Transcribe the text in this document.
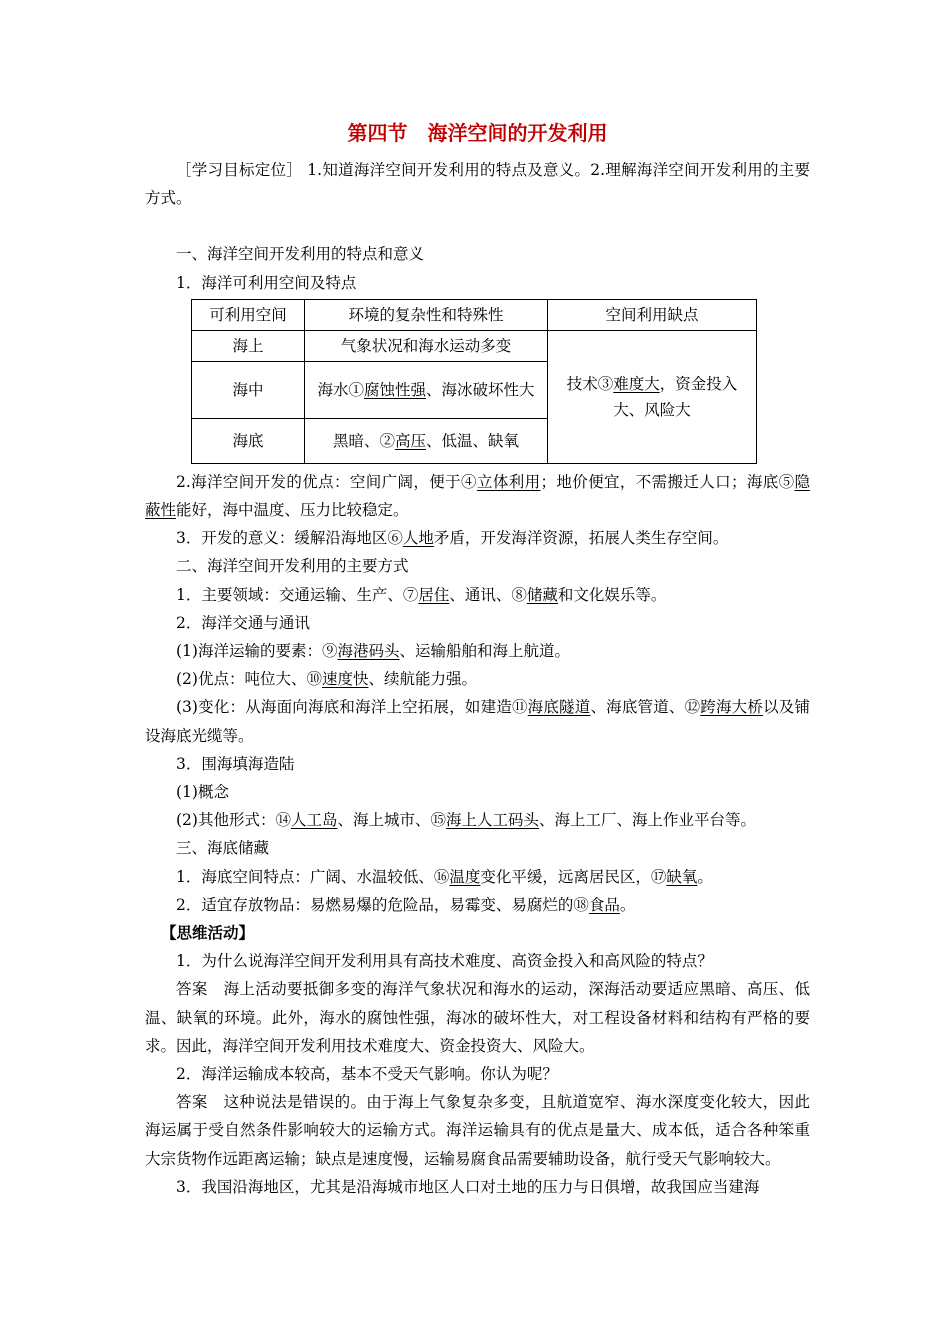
第四节　海洋空间的开发利用

［学习目标定位］ 1.知道海洋空间开发利用的特点及意义。2.理解海洋空间开发利用的主要方式。

一、海洋空间开发利用的特点和意义

1．海洋可利用空间及特点

可利用空间	环境的复杂性和特殊性	空间利用缺点
海上	气象状况和海水运动多变	技术③难度大，资金投入大、风险大
海中	海水①腐蚀性强、海冰破坏性大	
海底	黑暗、②高压、低温、缺氧	

2.海洋空间开发的优点：空间广阔，便于④立体利用；地价便宜，不需搬迁人口；海底⑤隐蔽性能好，海中温度、压力比较稳定。

3．开发的意义：缓解沿海地区⑥人地矛盾，开发海洋资源，拓展人类生存空间。

二、海洋空间开发利用的主要方式

1．主要领域：交通运输、生产、⑦居住、通讯、⑧储藏和文化娱乐等。

2．海洋交通与通讯

(1)海洋运输的要素：⑨海港码头、运输船舶和海上航道。

(2)优点：吨位大、⑩速度快、续航能力强。

(3)变化：从海面向海底和海洋上空拓展，如建造⑪海底隧道、海底管道、⑫跨海大桥以及铺设海底光缆等。

3．围海填海造陆

(1)概念

(2)其他形式：⑭人工岛、海上城市、⑮海上人工码头、海上工厂、海上作业平台等。

三、海底储藏

1．海底空间特点：广阔、水温较低、⑯温度变化平缓，远离居民区，⑰缺氧。

2．适宜存放物品：易燃易爆的危险品，易霉变、易腐烂的⑱食品。

【思维活动】

1．为什么说海洋空间开发利用具有高技术难度、高资金投入和高风险的特点？

答案　海上活动要抵御多变的海洋气象状况和海水的运动，深海活动要适应黑暗、高压、低温、缺氧的环境。此外，海水的腐蚀性强，海冰的破坏性大，对工程设备材料和结构有严格的要求。因此，海洋空间开发利用技术难度大、资金投资大、风险大。

2．海洋运输成本较高，基本不受天气影响。你认为呢？

答案　这种说法是错误的。由于海上气象复杂多变，且航道宽窄、海水深度变化较大，因此海运属于受自然条件影响较大的运输方式。海洋运输具有的优点是量大、成本低，适合各种笨重大宗货物作远距离运输；缺点是速度慢，运输易腐食品需要辅助设备，航行受天气影响较大。

3．我国沿海地区，尤其是沿海城市地区人口对土地的压力与日俱增，故我国应当建海
